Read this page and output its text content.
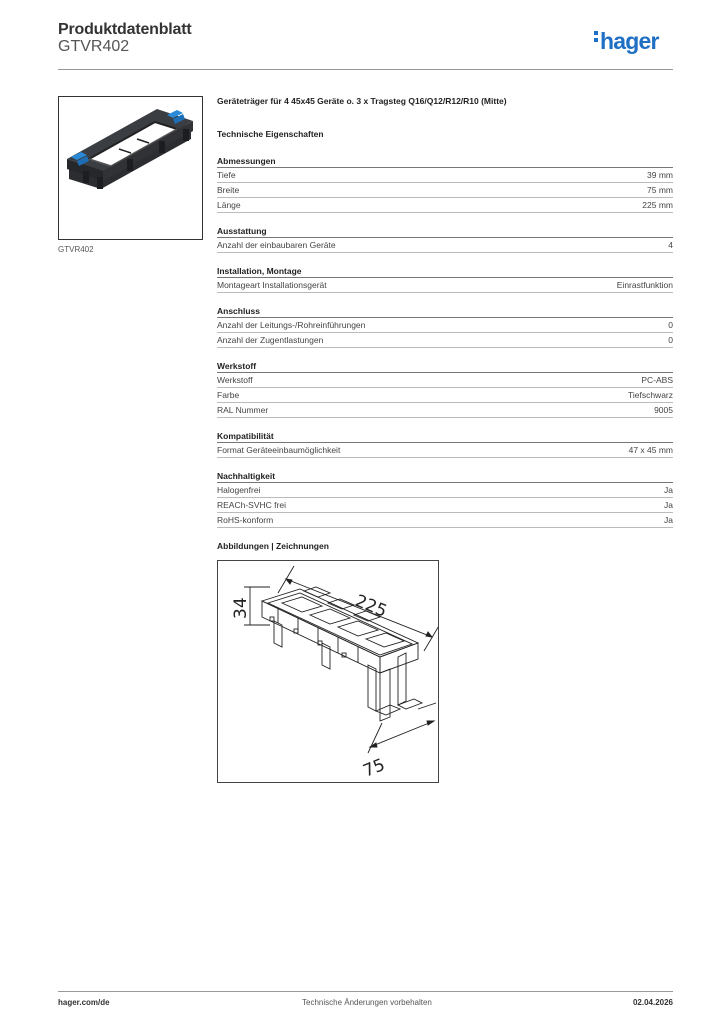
Produktdatenblatt
GTVR402	hager
GTVR402
Geräteträger für 4 45x45 Geräte o. 3 x Tragsteg Q16/Q12/R12/R10 (Mitte)
Technische Eigenschaften
Abmessungen
Tiefe	39 mm
Breite	75 mm
Länge	225 mm
Ausstattung
Anzahl der einbaubaren Geräte	4
Installation, Montage
Montageart Installationsgerät	Einrastfunktion
Anschluss
Anzahl der Leitungs-/Rohreinführungen	0
Anzahl der Zugentlastungen	0
Werkstoff
Werkstoff	PC-ABS
Farbe	Tiefschwarz
RAL Nummer	9005
Kompatibilität
Format Geräteeinbaumöglichkeit	47 x 45 mm
Nachhaltigkeit
Halogenfrei	Ja
REACh-SVHC frei	Ja
RoHS-konform	Ja
Abbildungen | Zeichnungen
225
34
75
hager.com/de	Technische Änderungen vorbehalten	02.04.2026
